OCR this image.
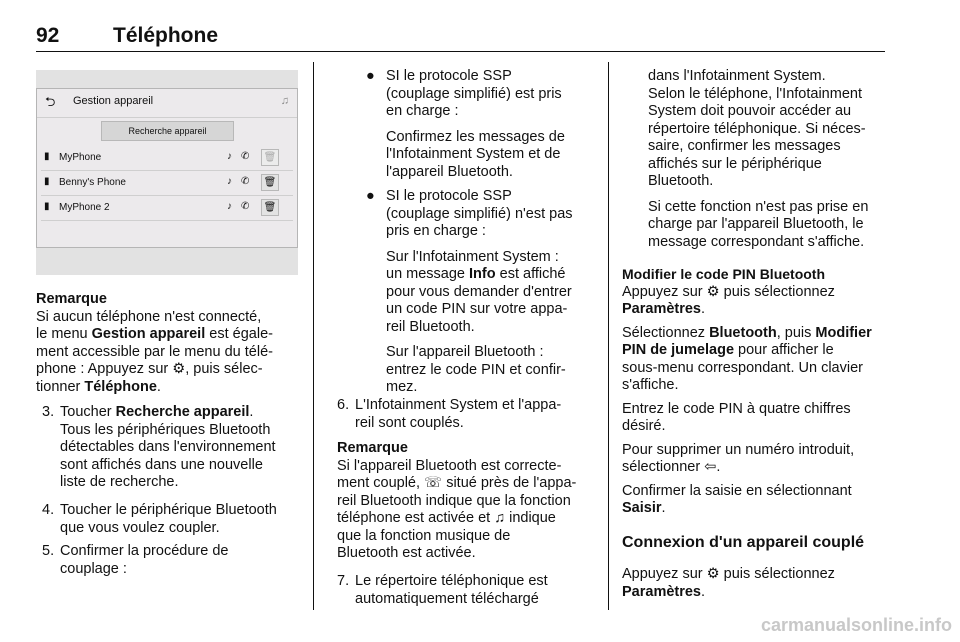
92	Téléphone
⮌ Gestion appareil	♫
Recherche appareil
▮ MyPhone	♪ ✆ 🗑
▮ Benny's Phone	♪ ✆ 🗑
▮ MyPhone 2	♪ ✆ 🗑

Remarque

Si aucun téléphone n'est connecté,

le menu Gestion appareil est égale-

ment accessible par le menu du télé-

phone : Appuyez sur ⚙, puis sélec-

tionner Téléphone.

3. Toucher Recherche appareil.

Tous les périphériques Bluetooth

détectables dans l'environnement

sont affichés dans une nouvelle

liste de recherche.

4. Toucher le périphérique Bluetooth

que vous voulez coupler.

5. Confirmer la procédure de

couplage :

● SI le protocole SSP

(couplage simplifié) est pris

en charge :

Confirmez les messages de

l'Infotainment System et de

l'appareil Bluetooth.

● SI le protocole SSP

(couplage simplifié) n'est pas

pris en charge :

Sur l'Infotainment System :

un message Info est affiché

pour vous demander d'entrer

un code PIN sur votre appa-

reil Bluetooth.

Sur l'appareil Bluetooth :

entrez le code PIN et confir-

mez.

6. L'Infotainment System et l'appa-

reil sont couplés.

Remarque

Si l'appareil Bluetooth est correcte-

ment couplé, ☏ situé près de l'appa-

reil Bluetooth indique que la fonction

téléphone est activée et ♫ indique

que la fonction musique de

Bluetooth est activée.

7. Le répertoire téléphonique est

automatiquement téléchargé

dans l'Infotainment System.

Selon le téléphone, l'Infotainment

System doit pouvoir accéder au

répertoire téléphonique. Si néces-

saire, confirmer les messages

affichés sur le périphérique

Bluetooth.

Si cette fonction n'est pas prise en

charge par l'appareil Bluetooth, le

message correspondant s'affiche.

Modifier le code PIN Bluetooth

Appuyez sur ⚙ puis sélectionnez

Paramètres.

Sélectionnez Bluetooth, puis Modifier

PIN de jumelage pour afficher le

sous-menu correspondant. Un clavier

s'affiche.

Entrez le code PIN à quatre chiffres

désiré.

Pour supprimer un numéro introduit,

sélectionner ⇦.

Confirmer la saisie en sélectionnant

Saisir.

Connexion d'un appareil couplé

Appuyez sur ⚙ puis sélectionnez

Paramètres.

carmanualsonline.info
